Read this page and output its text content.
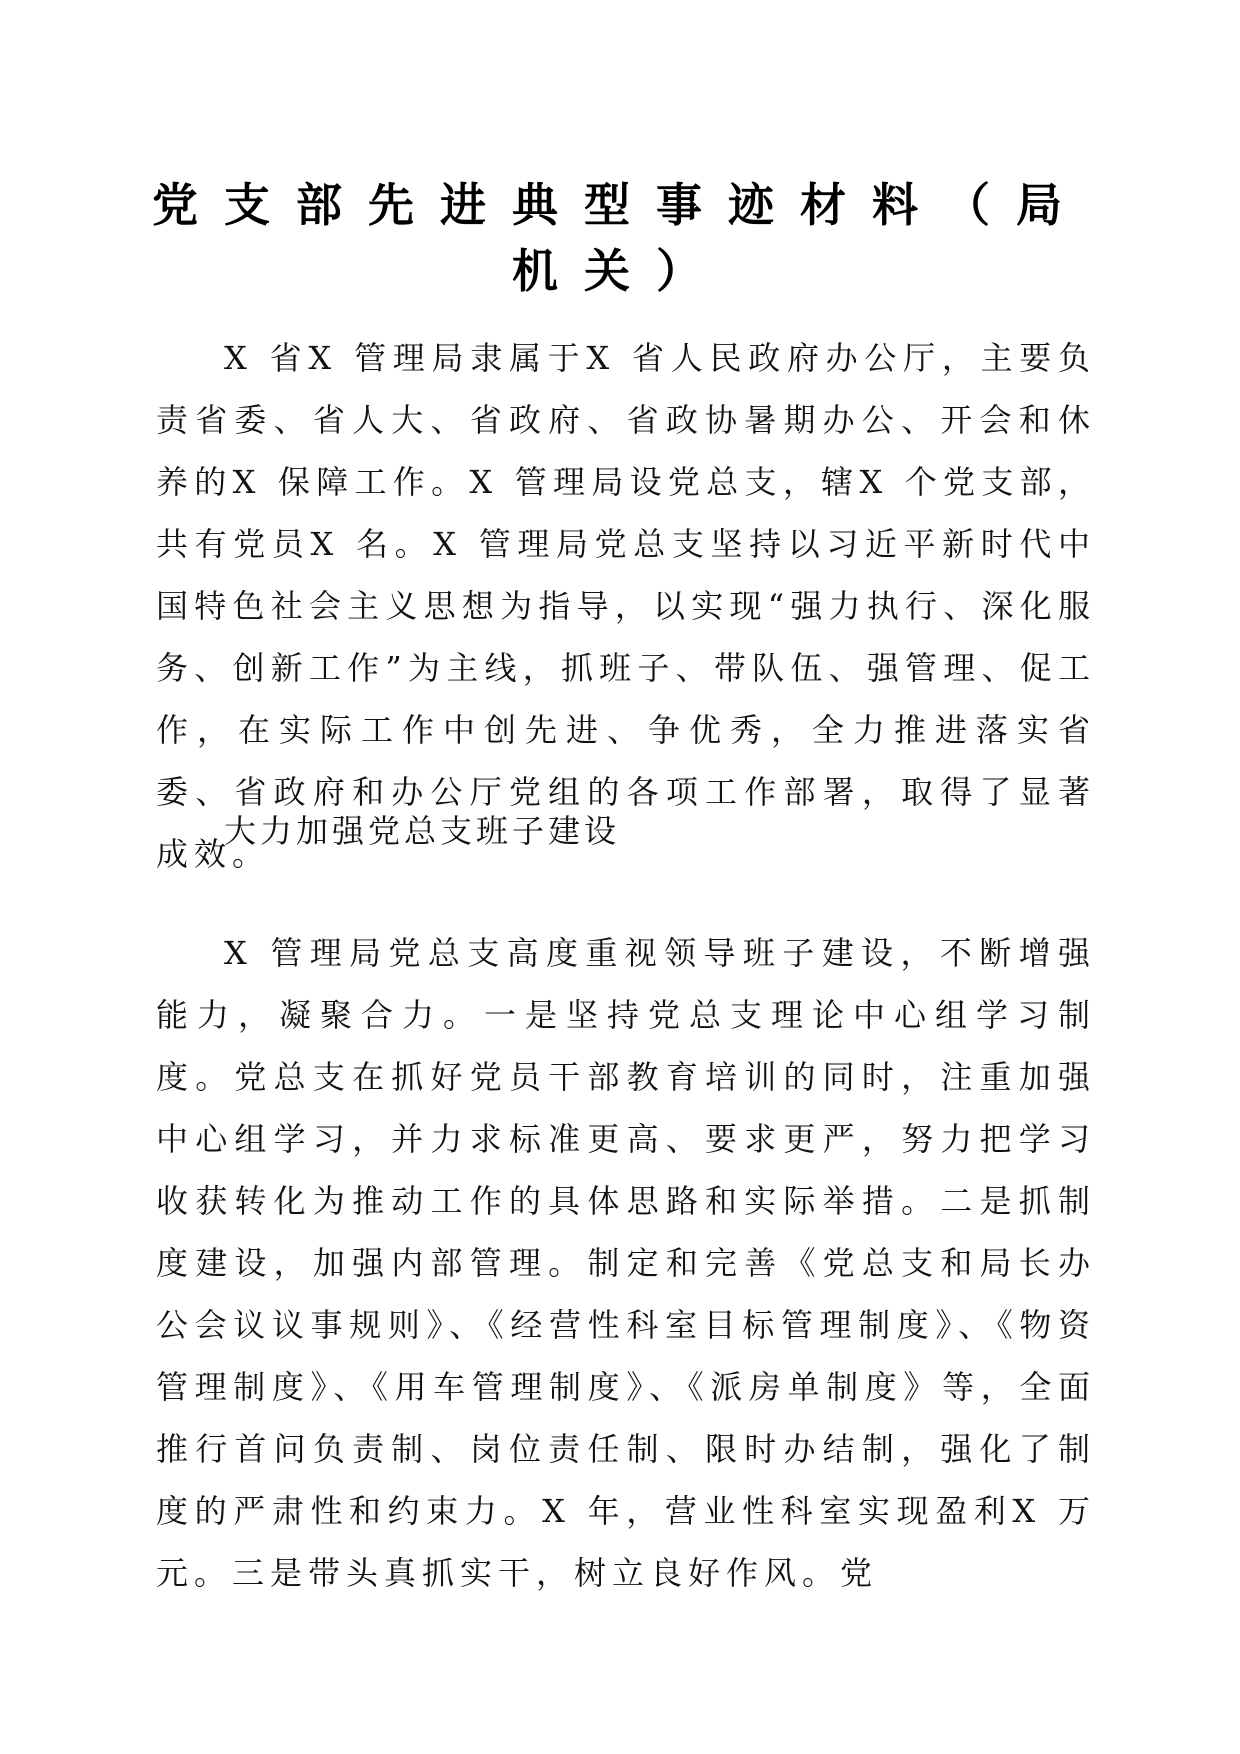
党支部先进典型事迹材料（局机关）

X 省X 管理局隶属于X 省人民政府办公厅，主要负责省委、省人大、省政府、省政协暑期办公、开会和休养的X 保障工作。X 管理局设党总支，辖X 个党支部，共有党员X 名。X 管理局党总支坚持以习近平新时代中国特色社会主义思想为指导，以实现“强力执行、深化服务、创新工作”为主线，抓班子、带队伍、强管理、促工作，在实际工作中创先进、争优秀，全力推进落实省委、省政府和办公厅党组的各项工作部署，取得了显著成效。

大力加强党总支班子建设

X 管理局党总支高度重视领导班子建设，不断增强能力，凝聚合力。一是坚持党总支理论中心组学习制度。党总支在抓好党员干部教育培训的同时，注重加强中心组学习，并力求标准更高、要求更严，努力把学习收获转化为推动工作的具体思路和实际举措。二是抓制度建设，加强内部管理。制定和完善《党总支和局长办公会议议事规则》、《经营性科室目标管理制度》、《物资管理制度》、《用车管理制度》、《派房单制度》等，全面推行首问负责制、岗位责任制、限时办结制，强化了制度的严肃性和约束力。X 年，营业性科室实现盈利X 万元。三是带头真抓实干，树立良好作风。党
